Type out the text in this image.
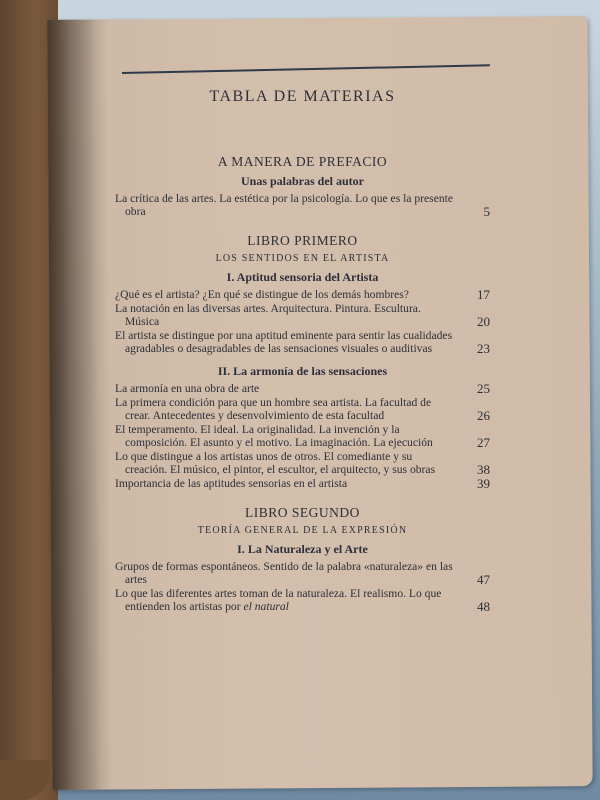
TABLA DE MATERIAS
A MANERA DE PREFACIO
Unas palabras del autor
La crítica de las artes. La estética por la psicología. Lo que es la presente obra	5
LIBRO PRIMERO
LOS SENTIDOS EN EL ARTISTA
I. Aptitud sensoria del Artista
¿Qué es el artista? ¿En qué se distingue de los demás hombres?	17
La notación en las diversas artes. Arquitectura. Pintura. Escultura. Música	20
El artista se distingue por una aptitud eminente para sentir las cualidades agradables o desagradables de las sensaciones visuales o auditivas	23
II. La armonía de las sensaciones
La armonía en una obra de arte	25
La primera condición para que un hombre sea artista. La facultad de crear. Antecedentes y desenvolvimiento de esta facultad	26
El temperamento. El ideal. La originalidad. La invención y la composición. El asunto y el motivo. La imaginación. La ejecución	27
Lo que distingue a los artistas unos de otros. El comediante y su creación. El músico, el pintor, el escultor, el arquitecto, y sus obras	38
Importancia de las aptitudes sensorias en el artista	39
LIBRO SEGUNDO
TEORÍA GENERAL DE LA EXPRESIÓN
I. La Naturaleza y el Arte
Grupos de formas espontáneos. Sentido de la palabra «naturaleza» en las artes	47
Lo que las diferentes artes toman de la naturaleza. El realismo. Lo que entienden los artistas por el natural	48
